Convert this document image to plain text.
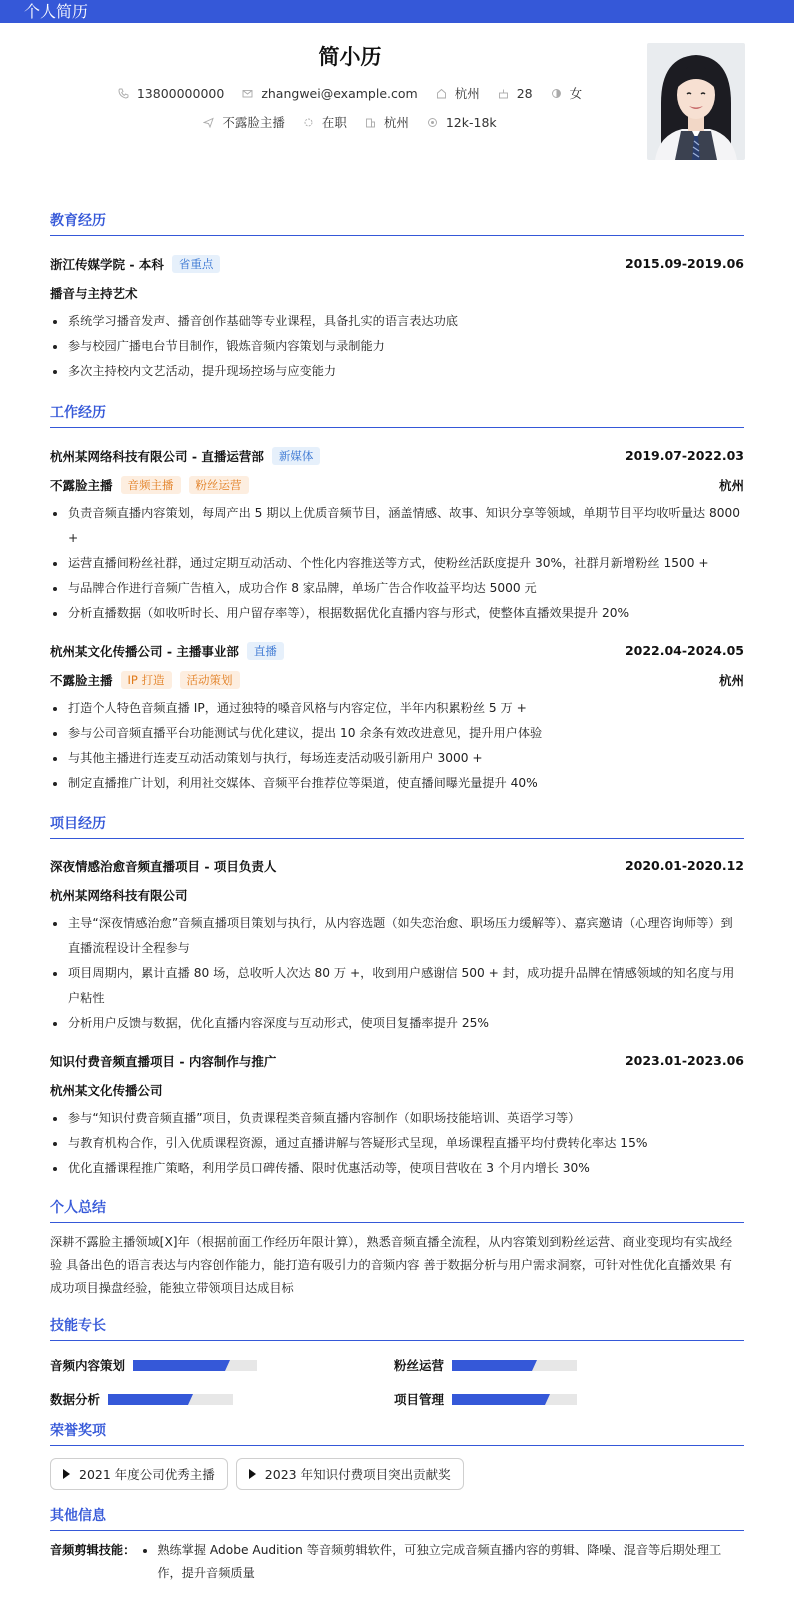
个人简历
简小历
13800000000	zhangwei@example.com	杭州	28	女
不露脸主播	在职	杭州	12k-18k
教育经历
浙江传媒学院 - 本科	省重点	2015.09-2019.06
播音与主持艺术
系统学习播音发声、播音创作基础等专业课程，具备扎实的语言表达功底
参与校园广播电台节目制作，锻炼音频内容策划与录制能力
多次主持校内文艺活动，提升现场控场与应变能力
工作经历
杭州某网络科技有限公司 - 直播运营部	新媒体	2019.07-2022.03
不露脸主播	音频主播	粉丝运营	杭州
负责音频直播内容策划，每周产出 5 期以上优质音频节目，涵盖情感、故事、知识分享等领域，单期节目平均收听量达 8000 +
运营直播间粉丝社群，通过定期互动活动、个性化内容推送等方式，使粉丝活跃度提升 30%，社群月新增粉丝 1500 +
与品牌合作进行音频广告植入，成功合作 8 家品牌，单场广告合作收益平均达 5000 元
分析直播数据（如收听时长、用户留存率等），根据数据优化直播内容与形式，使整体直播效果提升 20%
杭州某文化传播公司 - 主播事业部	直播	2022.04-2024.05
不露脸主播	IP 打造	活动策划	杭州
打造个人特色音频直播 IP，通过独特的嗓音风格与内容定位，半年内积累粉丝 5 万 +
参与公司音频直播平台功能测试与优化建议，提出 10 余条有效改进意见，提升用户体验
与其他主播进行连麦互动活动策划与执行，每场连麦活动吸引新用户 3000 +
制定直播推广计划，利用社交媒体、音频平台推荐位等渠道，使直播间曝光量提升 40%
项目经历
深夜情感治愈音频直播项目 - 项目负责人	2020.01-2020.12
杭州某网络科技有限公司
主导“深夜情感治愈”音频直播项目策划与执行，从内容选题（如失恋治愈、职场压力缓解等）、嘉宾邀请（心理咨询师等）到直播流程设计全程参与
项目周期内，累计直播 80 场，总收听人次达 80 万 +，收到用户感谢信 500 + 封，成功提升品牌在情感领域的知名度与用户粘性
分析用户反馈与数据，优化直播内容深度与互动形式，使项目复播率提升 25%
知识付费音频直播项目 - 内容制作与推广	2023.01-2023.06
杭州某文化传播公司
参与“知识付费音频直播”项目，负责课程类音频直播内容制作（如职场技能培训、英语学习等）
与教育机构合作，引入优质课程资源，通过直播讲解与答疑形式呈现，单场课程直播平均付费转化率达 15%
优化直播课程推广策略，利用学员口碑传播、限时优惠活动等，使项目营收在 3 个月内增长 30%
个人总结
深耕不露脸主播领域[X]年（根据前面工作经历年限计算），熟悉音频直播全流程，从内容策划到粉丝运营、商业变现均有实战经验 具备出色的语言表达与内容创作能力，能打造有吸引力的音频内容 善于数据分析与用户需求洞察，可针对性优化直播效果 有成功项目操盘经验，能独立带领项目达成目标
技能专长
音频内容策划	粉丝运营
数据分析	项目管理
荣誉奖项
2021 年度公司优秀主播	2023 年知识付费项目突出贡献奖
其他信息
音频剪辑技能：	熟练掌握 Adobe Audition 等音频剪辑软件，可独立完成音频直播内容的剪辑、降噪、混音等后期处理工作，提升音频质量
